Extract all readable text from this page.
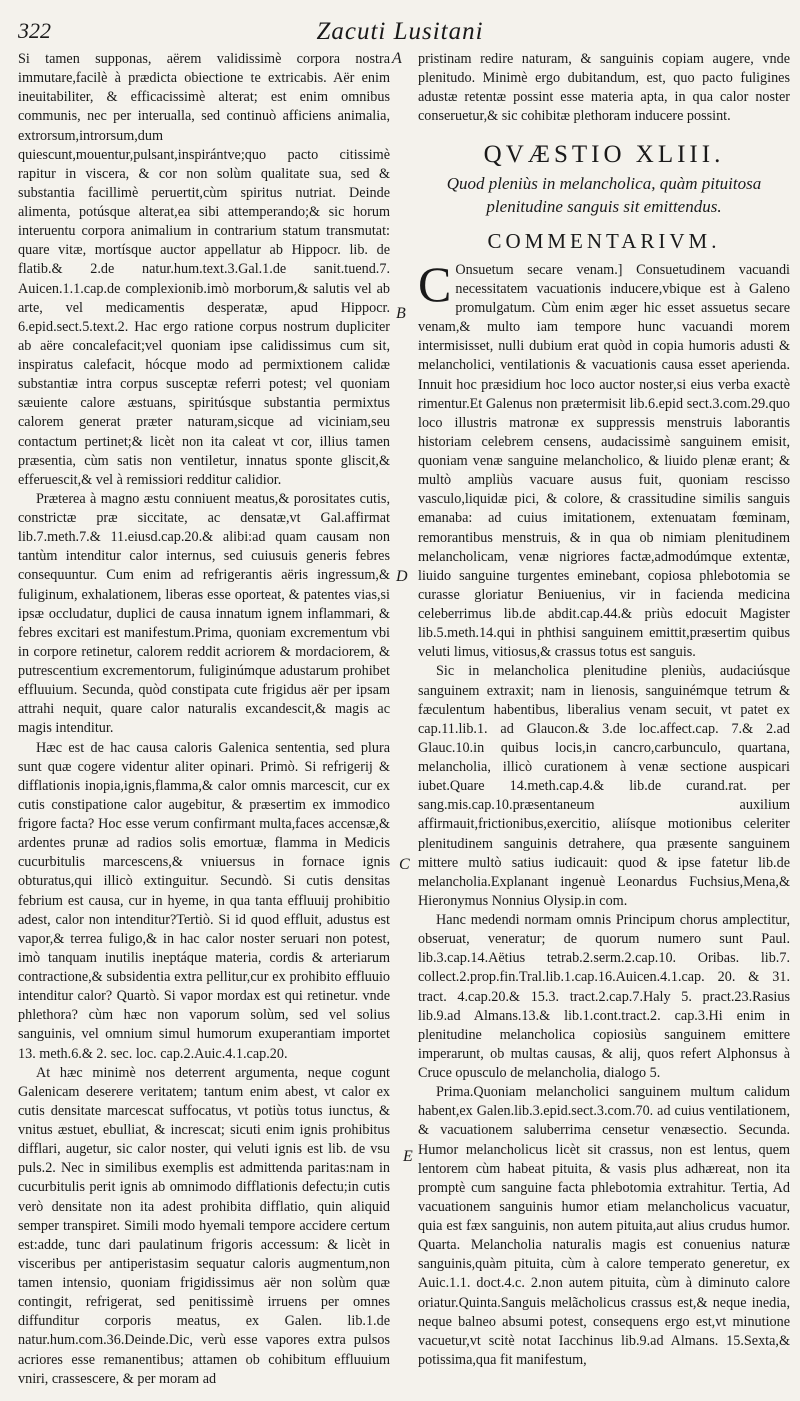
322	Zacuti Lusitani
A
B
D
C
E

Si tamen supponas, aërem validissimè corpora nostra immutare,facilè à prædicta obiectione te extricabis. Aër enim ineuitabiliter, & efficacissimè alterat; est enim omnibus communis, nec per interualla, sed continuò afficiens animalia, extrorsum,introrsum,dum quiescunt,mouentur,pulsant,inspirántve;quo pacto citissimè rapitur in viscera, & cor non solùm qualitate sua, sed & substantia facillimè peruertit,cùm spiritus nutriat. Deinde alimenta, potúsque alterat,ea sibi attemperando;& sic horum interuentu corpora animalium in contrarium statum transmutat: quare vitæ, mortísque auctor appellatur ab Hippocr. lib. de flatib.& 2.de natur.hum.text.3.Gal.1.de sanit.tuend.7. Auicen.1.1.cap.de complexionib.imò morborum,& salutis vel ab arte, vel medicamentis desperatæ, apud Hippocr. 6.epid.sect.5.text.2. Hac ergo ratione corpus nostrum dupliciter ab aëre concalefacit;vel quoniam ipse calidissimus cum sit, inspiratus calefacit, hócque modo ad permixtionem calidæ substantiæ intra corpus susceptæ referri potest; vel quoniam sæuiente calore æstuans, spiritúsque substantia permixtus calorem generat præter naturam,sicque ad viciniam,seu contactum pertinet;& licèt non ita caleat vt cor, illius tamen præsentia, cùm satis non ventiletur, innatus sponte gliscit,& efferuescit,& vel à remissiori redditur calidior.

Præterea à magno æstu conniuent meatus,& porositates cutis, constrictæ præ siccitate, ac densatæ,vt Gal.affirmat lib.7.meth.7.& 11.eiusd.cap.20.& alibi:ad quam causam non tantùm intenditur calor internus, sed cuiusuis generis febres consequuntur. Cum enim ad refrigerantis aëris ingressum,& fuliginum, exhalationem, liberas esse oporteat, & patentes vias,si ipsæ occludatur, duplici de causa innatum ignem inflammari, & febres excitari est manifestum.Prima, quoniam excrementum vbi in corpore retinetur, calorem reddit acriorem & mordaciorem, & putrescentium excrementorum, fuliginúmque adustarum prohibet effluuium. Secunda, quòd constipata cute frigidus aër per ipsam attrahi nequit, quare calor naturalis excandescit,& magis ac magis intenditur.

Hæc est de hac causa caloris Galenica sententia, sed plura sunt quæ cogere videntur aliter opinari. Primò. Si refrigerij & difflationis inopia,ignis,flamma,& calor omnis marcescit, cur ex cutis constipatione calor augebitur, & præsertim ex immodico frigore facta? Hoc esse verum confirmant multa,faces accensæ,& ardentes prunæ ad radios solis emortuæ, flamma in Medicis cucurbitulis marcescens,& vniuersus in fornace ignis obturatus,qui illicò extinguitur. Secundò. Si cutis densitas febrium est causa, cur in hyeme, in qua tanta effluuij prohibitio adest, calor non intenditur?Tertiò. Si id quod effluit, adustus est vapor,& terrea fuligo,& in hac calor noster seruari non potest, imò tanquam inutilis ineptáque materia, cordis & arteriarum contractione,& subsidentia extra pellitur,cur ex prohibito effluuio intenditur calor? Quartò. Si vapor mordax est qui retinetur. vnde phlethora? cùm hæc non vaporum solùm, sed vel solius sanguinis, vel omnium simul humorum exuperantiam importet 13. meth.6.& 2. sec. loc. cap.2.Auic.4.1.cap.20.

At hæc minimè nos deterrent argumenta, neque cogunt Galenicam deserere veritatem; tantum enim abest, vt calor ex cutis densitate marcescat suffocatus, vt potiùs totus iunctus, & vnitus æstuet, ebulliat, & increscat; sicuti enim ignis prohibitus difflari, augetur, sic calor noster, qui veluti ignis est lib. de vsu puls.2. Nec in similibus exemplis est admittenda paritas:nam in cucurbitulis perit ignis ab omnimodo difflationis defectu;in cutis verò densitate non ita adest prohibita difflatio, quin aliquid semper transpiret. Simili modo hyemali tempore accidere certum est:adde, tunc dari paulatinum frigoris accessum: & licèt in visceribus per antiperistasim sequatur caloris augmentum,non tamen intensio, quoniam frigidissimus aër non solùm quæ contingit, refrigerat, sed penitissimè irruens per omnes diffunditur corporis meatus, ex Galen. lib.1.de natur.hum.com.36.Deinde.Dic, verù esse vapores extra pulsos acriores esse remanentibus; attamen ob cohibitum effluuium vniri, crassescere, & per moram ad

pristinam redire naturam, & sanguinis copiam augere, vnde plenitudo. Minimè ergo dubitandum, est, quo pacto fuligines adustæ retentæ possint esse materia apta, in qua calor noster conseruetur,& sic cohibitæ plethoram inducere possint.

QVÆSTIO XLIII.
Quod pleniùs in melancholica, quàm pituitosa plenitudine sanguis sit emittendus.
COMMENTARIVM.

C Onsuetum secare venam.] Consuetudinem vacuandi necessitatem vacuationis inducere,vbique est à Galeno promulgatum. Cùm enim æger hic esset assuetus secare venam,& multo iam tempore hunc vacuandi morem intermisisset, nulli dubium erat quòd in copia humoris adusti & melancholici, ventilationis & vacuationis causa esset aperienda. Innuit hoc præsidium hoc loco auctor noster,si eius verba exactè rimentur.Et Galenus non prætermisit lib.6.epid sect.3.com.29.quo loco illustris matronæ ex suppressis menstruis laborantis historiam celebrem censens, audacissimè sanguinem emisit, quoniam venæ sanguine melancholico, & liuido plenæ erant; & multò ampliùs vacuare ausus fuit, quoniam rescisso vasculo,liquidæ pici, & colore, & crassitudine similis sanguis emanaba: ad cuius imitationem, extenuatam fœminam, remorantibus menstruis, & in qua ob nimiam plenitudinem melancholicam, venæ nigriores factæ,admodúmque extentæ, liuido sanguine turgentes eminebant, copiosa phlebotomia se curasse gloriatur Beniuenius, vir in facienda medicina celeberrimus lib.de abdit.cap.44.& priùs edocuit Magister lib.5.meth.14.qui in phthisi sanguinem emittit,præsertim quibus veluti limus, vitiosus,& crassus totus est sanguis.

Sic in melancholica plenitudine pleniùs, audaciúsque sanguinem extraxit; nam in lienosis, sanguinémque tetrum & fæculentum habentibus, liberalius venam secuit, vt patet ex cap.11.lib.1. ad Glaucon.& 3.de loc.affect.cap. 7.& 2.ad Glauc.10.in quibus locis,in cancro,carbunculo, quartana, melancholia, illicò curationem à venæ sectione auspicari iubet.Quare 14.meth.cap.4.& lib.de curand.rat. per sang.mis.cap.10.præsentaneum auxilium affirmauit,frictionibus,exercitio, aliísque motionibus celeriter plenitudinem sanguinis detrahere, qua præsente sanguinem mittere multò satius iudicauit: quod & ipse fatetur lib.de melancholia.Explanant ingenuè Leonardus Fuchsius,Mena,& Hieronymus Nonnius Olysip.in com.

Hanc medendi normam omnis Principum chorus amplectitur, obseruat, veneratur; de quorum numero sunt Paul. lib.3.cap.14.Aëtius tetrab.2.serm.2.cap.10. Oribas. lib.7. collect.2.prop.fin.Tral.lib.1.cap.16.Auicen.4.1.cap. 20. & 31. tract. 4.cap.20.& 15.3. tract.2.cap.7.Haly 5. pract.23.Rasius lib.9.ad Almans.13.& lib.1.cont.tract.2. cap.3.Hi enim in plenitudine melancholica copiosiùs sanguinem emittere imperarunt, ob multas causas, & alij, quos refert Alphonsus à Cruce opusculo de melancholia, dialogo 5.

Prima.Quoniam melancholici sanguinem multum calidum habent,ex Galen.lib.3.epid.sect.3.com.70. ad cuius ventilationem, & vacuationem saluberrima censetur venæsectio. Secunda. Humor melancholicus licèt sit crassus, non est lentus, quem lentorem cùm habeat pituita, & vasis plus adhæreat, non ita promptè cum sanguine facta phlebotomia extrahitur. Tertia, Ad vacuationem sanguinis humor etiam melancholicus vacuatur, quia est fæx sanguinis, non autem pituita,aut alius crudus humor. Quarta. Melancholia naturalis magis est conuenius naturæ sanguinis,quàm pituita, cùm à calore temperato generetur, ex Auic.1.1. doct.4.c. 2.non autem pituita, cùm à diminuto calore oriatur.Quinta.Sanguis melãcholicus crassus est,& neque inedia, neque balneo absumi potest, consequens ergo est,vt minutione vacuetur,vt scitè notat Iacchinus lib.9.ad Almans. 15.Sexta,& potissima,qua fit manifestum,
